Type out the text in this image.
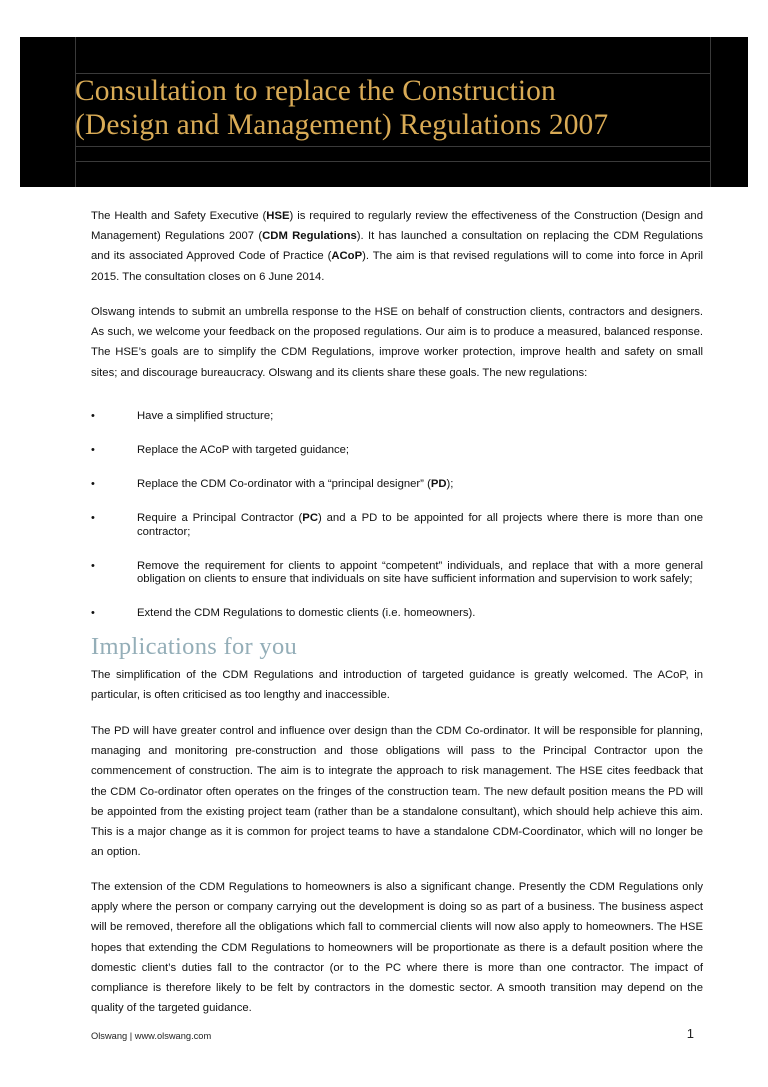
Consultation to replace the Construction
(Design and Management) Regulations 2007

The Health and Safety Executive (HSE) is required to regularly review the effectiveness of the Construction (Design and Management) Regulations 2007 (CDM Regulations). It has launched a consultation on replacing the CDM Regulations and its associated Approved Code of Practice (ACoP). The aim is that revised regulations will to come into force in April 2015. The consultation closes on 6 June 2014.

Olswang intends to submit an umbrella response to the HSE on behalf of construction clients, contractors and designers. As such, we welcome your feedback on the proposed regulations. Our aim is to produce a measured, balanced response. The HSE’s goals are to simplify the CDM Regulations, improve worker protection, improve health and safety on small sites; and discourage bureaucracy. Olswang and its clients share these goals. The new regulations:

•	Have a simplified structure;
•	Replace the ACoP with targeted guidance;
•	Replace the CDM Co-ordinator with a “principal designer” (PD);
•	Require a Principal Contractor (PC) and a PD to be appointed for all projects where there is more than one contractor;
•	Remove the requirement for clients to appoint “competent” individuals, and replace that with a more general obligation on clients to ensure that individuals on site have sufficient information and supervision to work safely;
•	Extend the CDM Regulations to domestic clients (i.e. homeowners).
Implications for you

The simplification of the CDM Regulations and introduction of targeted guidance is greatly welcomed. The ACoP, in particular, is often criticised as too lengthy and inaccessible.

The PD will have greater control and influence over design than the CDM Co-ordinator. It will be responsible for planning, managing and monitoring pre-construction and those obligations will pass to the Principal Contractor upon the commencement of construction. The aim is to integrate the approach to risk management. The HSE cites feedback that the CDM Co-ordinator often operates on the fringes of the construction team. The new default position means the PD will be appointed from the existing project team (rather than be a standalone consultant), which should help achieve this aim. This is a major change as it is common for project teams to have a standalone CDM-Coordinator, which will no longer be an option.

The extension of the CDM Regulations to homeowners is also a significant change. Presently the CDM Regulations only apply where the person or company carrying out the development is doing so as part of a business. The business aspect will be removed, therefore all the obligations which fall to commercial clients will now also apply to homeowners. The HSE hopes that extending the CDM Regulations to homeowners will be proportionate as there is a default position where the domestic client’s duties fall to the contractor (or to the PC where there is more than one contractor. The impact of compliance is therefore likely to be felt by contractors in the domestic sector. A smooth transition may depend on the quality of the targeted guidance.

Olswang | www.olswang.com	1
